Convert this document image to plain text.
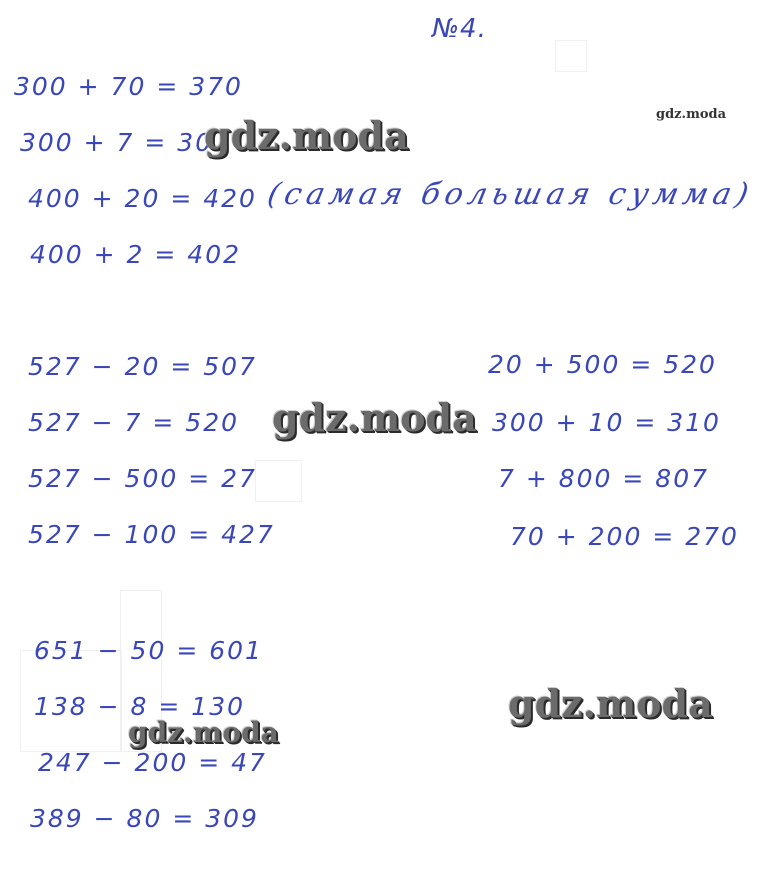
№4.
300 + 70 = 370
300 + 7 = 30
400 + 20 = 420
400 + 2 = 402
(самая большая сумма)
527 − 20 = 507
527 − 7 = 520
527 − 500 = 27
527 − 100 = 427
20 + 500 = 520
300 + 10 = 310
7 + 800 = 807
70 + 200 = 270
651 − 50 = 601
138 − 8 = 130
247 − 200 = 47
389 − 80 = 309
gdz.moda	gdz.moda
gdz.moda
gdz.moda
gdz.moda
